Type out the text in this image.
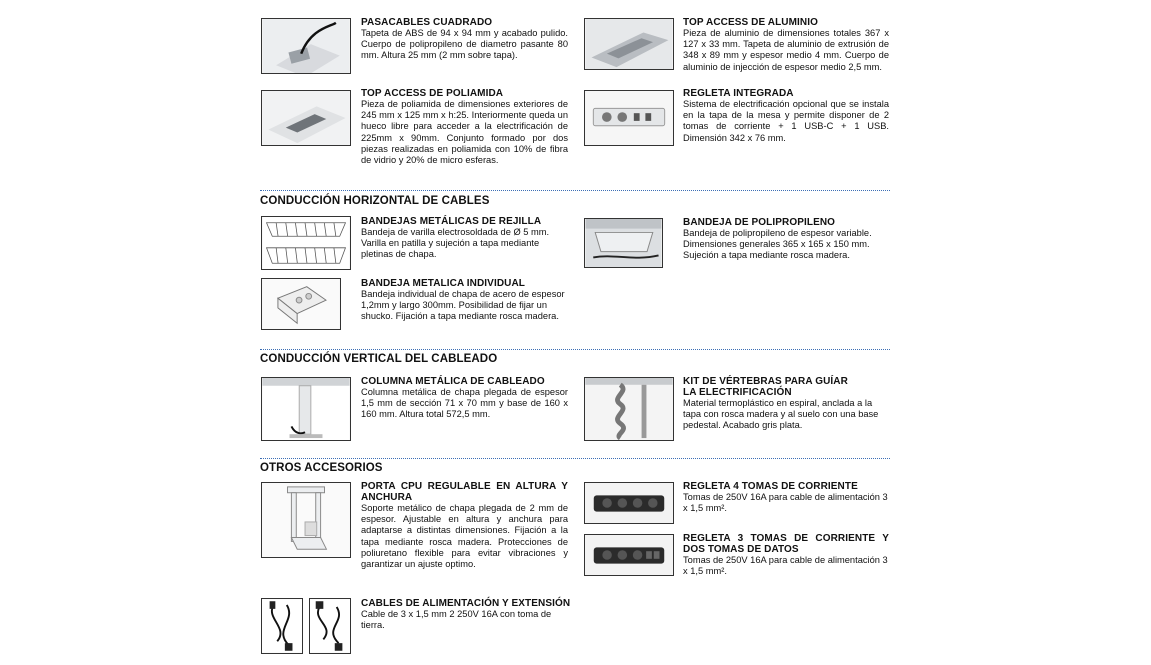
PASACABLES CUADRADO
Tapeta de ABS de 94 x 94 mm y acabado pulido. Cuerpo de polipropileno de diametro pasante 80 mm. Altura 25 mm (2 mm sobre tapa).
TOP ACCESS DE ALUMINIO
Pieza de aluminio de dimensiones totales 367 x 127 x 33 mm. Tapeta de aluminio de extrusión de 348 x 89 mm y espesor medio 4 mm. Cuerpo de aluminio de injección de espesor medio 2,5 mm.
TOP ACCESS DE POLIAMIDA
Pieza de poliamida de dimensiones exteriores de 245 mm x 125 mm x h:25. Interiormente queda un hueco libre para acceder a la electrificación de 225mm x 90mm. Conjunto formado por dos piezas realizadas en poliamida con 10% de fibra de vidrio y 20% de micro esferas.
REGLETA INTEGRADA
Sistema de electrificación opcional que se instala en la tapa de la mesa y permite disponer de 2 tomas de corriente + 1 USB-C + 1 USB. Dimensión 342 x 76 mm.
CONDUCCIÓN HORIZONTAL DE CABLES
BANDEJAS METÁLICAS DE REJILLA
Bandeja de varilla electrosoldada de Ø 5 mm. Varilla en patilla y sujeción a tapa mediante pletinas de chapa.
BANDEJA DE POLIPROPILENO
Bandeja de polipropileno de espesor variable. Dimensiones generales 365 x 165 x 150 mm. Sujeción a tapa mediante rosca madera.
BANDEJA METALICA INDIVIDUAL
Bandeja individual de chapa de acero de espesor 1,2mm y largo 300mm. Posibilidad de fijar un shucko. Fijación a tapa mediante rosca madera.
CONDUCCIÓN VERTICAL DEL CABLEADO
COLUMNA METÁLICA DE CABLEADO
Columna metálica de chapa plegada de espesor 1,5 mm de sección 71 x 70 mm y base de 160 x 160 mm. Altura total 572,5 mm.
KIT DE VÉRTEBRAS PARA GUÍAR LA ELECTRIFICACIÓN
Material termoplástico en espiral, anclada a la tapa con rosca madera y al suelo con una base pedestal. Acabado gris plata.
OTROS ACCESORIOS
PORTA CPU REGULABLE EN ALTURA Y ANCHURA
Soporte metálico de chapa plegada de 2 mm de espesor. Ajustable en altura y anchura para adaptarse a distintas dimensiones. Fijación a la tapa mediante rosca madera. Protecciones de poliuretano flexible para evitar vibraciones y garantizar un ajuste optimo.
REGLETA 4 TOMAS DE CORRIENTE
Tomas de 250V 16A para cable de alimentación 3 x 1,5 mm².
REGLETA 3 TOMAS DE CORRIENTE Y DOS TOMAS DE DATOS
Tomas de 250V 16A para cable de alimentación 3 x 1,5 mm².
CABLES DE ALIMENTACIÓN Y EXTENSIÓN
Cable de 3 x 1,5 mm 2 250V 16A con toma de tierra.
